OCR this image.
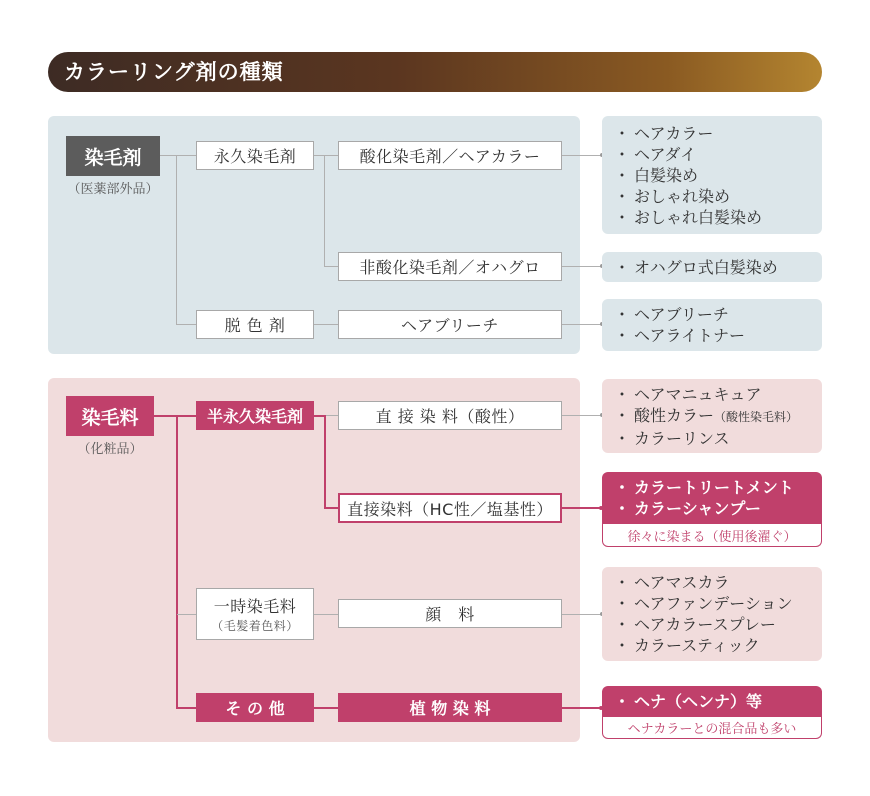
カラーリング剤の種類
染毛剤
（医薬部外品）
永久染毛剤	酸化染毛剤／ヘアカラー
非酸化染毛剤／オハグロ
脱 色 剤	ヘアブリーチ
・ ヘアカラー
・ ヘアダイ
・ 白髪染め
・ おしゃれ染め
・ おしゃれ白髪染め
・ オハグロ式白髪染め
・ ヘアブリーチ
・ ヘアライトナー
染毛料
（化粧品）
半永久染毛剤	直 接 染 料（酸性）
直接染料（HC性／塩基性）
一時染毛料
（毛髪着色料）
顔　料
そ の 他	植 物 染 料
・ ヘアマニュキュア
・ 酸性カラー（酸性染毛料）
・ カラーリンス
・ カラートリートメント
・ カラーシャンプー
徐々に染まる（使用後濯ぐ）
・ ヘアマスカラ
・ ヘアファンデーション
・ ヘアカラースプレー
・ カラースティック
・ ヘナ（ヘンナ）等
ヘナカラーとの混合品も多い
